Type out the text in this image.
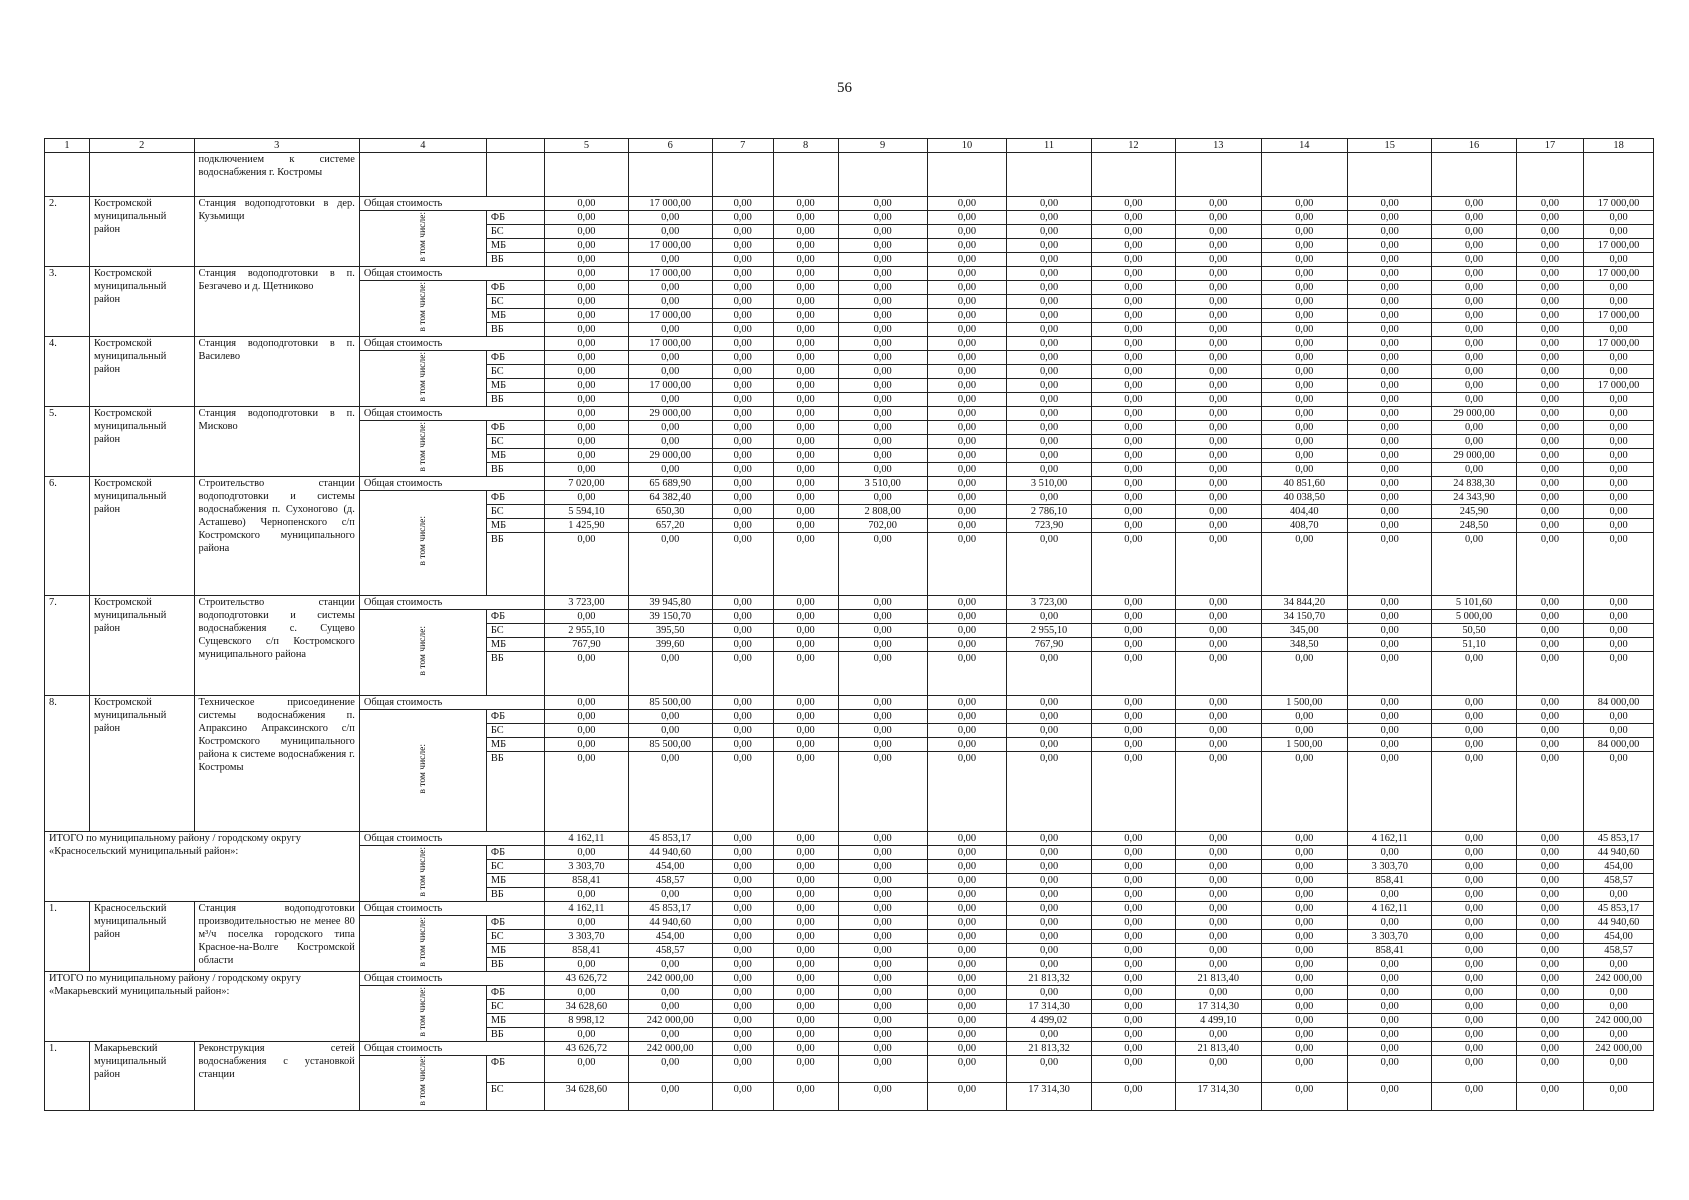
56
1	2	3	4		5	6	7	8	9	10	11	12	13	14	15	16	17	18
		подключением к системе водоснабжения г. Костромы																
2.	Костромской муниципальный район	Станция водоподготовки в дер. Кузьмищи	Общая стоимость		0,00	17 000,00	0,00	0,00	0,00	0,00	0,00	0,00	0,00	0,00	0,00	0,00	0,00	17 000,00
			в том числе:	ФБ	0,00	0,00	0,00	0,00	0,00	0,00	0,00	0,00	0,00	0,00	0,00	0,00	0,00	0,00
				БС	0,00	0,00	0,00	0,00	0,00	0,00	0,00	0,00	0,00	0,00	0,00	0,00	0,00	0,00
				МБ	0,00	17 000,00	0,00	0,00	0,00	0,00	0,00	0,00	0,00	0,00	0,00	0,00	0,00	17 000,00
				ВБ	0,00	0,00	0,00	0,00	0,00	0,00	0,00	0,00	0,00	0,00	0,00	0,00	0,00	0,00
3.	Костромской муниципальный район	Станция водоподготовки в п. Безгачево и д. Щетниково	Общая стоимость		0,00	17 000,00	0,00	0,00	0,00	0,00	0,00	0,00	0,00	0,00	0,00	0,00	0,00	17 000,00
			в том числе:	ФБ	0,00	0,00	0,00	0,00	0,00	0,00	0,00	0,00	0,00	0,00	0,00	0,00	0,00	0,00
				БС	0,00	0,00	0,00	0,00	0,00	0,00	0,00	0,00	0,00	0,00	0,00	0,00	0,00	0,00
				МБ	0,00	17 000,00	0,00	0,00	0,00	0,00	0,00	0,00	0,00	0,00	0,00	0,00	0,00	17 000,00
				ВБ	0,00	0,00	0,00	0,00	0,00	0,00	0,00	0,00	0,00	0,00	0,00	0,00	0,00	0,00
4.	Костромской муниципальный район	Станция водоподготовки в п. Василево	Общая стоимость		0,00	17 000,00	0,00	0,00	0,00	0,00	0,00	0,00	0,00	0,00	0,00	0,00	0,00	17 000,00
			в том числе:	ФБ	0,00	0,00	0,00	0,00	0,00	0,00	0,00	0,00	0,00	0,00	0,00	0,00	0,00	0,00
				БС	0,00	0,00	0,00	0,00	0,00	0,00	0,00	0,00	0,00	0,00	0,00	0,00	0,00	0,00
				МБ	0,00	17 000,00	0,00	0,00	0,00	0,00	0,00	0,00	0,00	0,00	0,00	0,00	0,00	17 000,00
				ВБ	0,00	0,00	0,00	0,00	0,00	0,00	0,00	0,00	0,00	0,00	0,00	0,00	0,00	0,00
5.	Костромской муниципальный район	Станция водоподготовки в п. Мисково	Общая стоимость		0,00	29 000,00	0,00	0,00	0,00	0,00	0,00	0,00	0,00	0,00	0,00	29 000,00	0,00	0,00
			в том числе:	ФБ	0,00	0,00	0,00	0,00	0,00	0,00	0,00	0,00	0,00	0,00	0,00	0,00	0,00	0,00
				БС	0,00	0,00	0,00	0,00	0,00	0,00	0,00	0,00	0,00	0,00	0,00	0,00	0,00	0,00
				МБ	0,00	29 000,00	0,00	0,00	0,00	0,00	0,00	0,00	0,00	0,00	0,00	29 000,00	0,00	0,00
				ВБ	0,00	0,00	0,00	0,00	0,00	0,00	0,00	0,00	0,00	0,00	0,00	0,00	0,00	0,00
6.	Костромской муниципальный район	Строительство станции водоподготовки и системы водоснабжения п. Сухоногово (д. Асташево) Чернопенского с/п Костромского муниципального района	Общая стоимость		7 020,00	65 689,90	0,00	0,00	3 510,00	0,00	3 510,00	0,00	0,00	40 851,60	0,00	24 838,30	0,00	0,00
			в том числе:	ФБ	0,00	64 382,40	0,00	0,00	0,00	0,00	0,00	0,00	0,00	40 038,50	0,00	24 343,90	0,00	0,00
				БС	5 594,10	650,30	0,00	0,00	2 808,00	0,00	2 786,10	0,00	0,00	404,40	0,00	245,90	0,00	0,00
				МБ	1 425,90	657,20	0,00	0,00	702,00	0,00	723,90	0,00	0,00	408,70	0,00	248,50	0,00	0,00
				ВБ	0,00	0,00	0,00	0,00	0,00	0,00	0,00	0,00	0,00	0,00	0,00	0,00	0,00	0,00
7.	Костромской муниципальный район	Строительство станции водоподготовки и системы водоснабжения с. Сущево Сущевского с/п Костромского муниципального района	Общая стоимость		3 723,00	39 945,80	0,00	0,00	0,00	0,00	3 723,00	0,00	0,00	34 844,20	0,00	5 101,60	0,00	0,00
			в том числе:	ФБ	0,00	39 150,70	0,00	0,00	0,00	0,00	0,00	0,00	0,00	34 150,70	0,00	5 000,00	0,00	0,00
				БС	2 955,10	395,50	0,00	0,00	0,00	0,00	2 955,10	0,00	0,00	345,00	0,00	50,50	0,00	0,00
				МБ	767,90	399,60	0,00	0,00	0,00	0,00	767,90	0,00	0,00	348,50	0,00	51,10	0,00	0,00
				ВБ	0,00	0,00	0,00	0,00	0,00	0,00	0,00	0,00	0,00	0,00	0,00	0,00	0,00	0,00
8.	Костромской муниципальный район	Техническое присоединение системы водоснабжения п. Апраксино Апраксинского с/п Костромского муниципального района к системе водоснабжения г. Костромы	Общая стоимость		0,00	85 500,00	0,00	0,00	0,00	0,00	0,00	0,00	0,00	1 500,00	0,00	0,00	0,00	84 000,00
			в том числе:	ФБ	0,00	0,00	0,00	0,00	0,00	0,00	0,00	0,00	0,00	0,00	0,00	0,00	0,00	0,00
				БС	0,00	0,00	0,00	0,00	0,00	0,00	0,00	0,00	0,00	0,00	0,00	0,00	0,00	0,00
				МБ	0,00	85 500,00	0,00	0,00	0,00	0,00	0,00	0,00	0,00	1 500,00	0,00	0,00	0,00	84 000,00
				ВБ	0,00	0,00	0,00	0,00	0,00	0,00	0,00	0,00	0,00	0,00	0,00	0,00	0,00	0,00
ИТОГО по муниципальному району / городскому округу «Красносельский муниципальный район»:			Общая стоимость		4 162,11	45 853,17	0,00	0,00	0,00	0,00	0,00	0,00	0,00	0,00	4 162,11	0,00	0,00	45 853,17
			в том числе:	ФБ	0,00	44 940,60	0,00	0,00	0,00	0,00	0,00	0,00	0,00	0,00	0,00	0,00	0,00	44 940,60
				БС	3 303,70	454,00	0,00	0,00	0,00	0,00	0,00	0,00	0,00	0,00	3 303,70	0,00	0,00	454,00
				МБ	858,41	458,57	0,00	0,00	0,00	0,00	0,00	0,00	0,00	0,00	858,41	0,00	0,00	458,57
				ВБ	0,00	0,00	0,00	0,00	0,00	0,00	0,00	0,00	0,00	0,00	0,00	0,00	0,00	0,00
1.	Красносельский муниципальный район	Станция водоподготовки производительностью не менее 80 м³/ч поселка городского типа Красное-на-Волге Костромской области	Общая стоимость		4 162,11	45 853,17	0,00	0,00	0,00	0,00	0,00	0,00	0,00	0,00	4 162,11	0,00	0,00	45 853,17
			в том числе:	ФБ	0,00	44 940,60	0,00	0,00	0,00	0,00	0,00	0,00	0,00	0,00	0,00	0,00	0,00	44 940,60
				БС	3 303,70	454,00	0,00	0,00	0,00	0,00	0,00	0,00	0,00	0,00	3 303,70	0,00	0,00	454,00
				МБ	858,41	458,57	0,00	0,00	0,00	0,00	0,00	0,00	0,00	0,00	858,41	0,00	0,00	458,57
				ВБ	0,00	0,00	0,00	0,00	0,00	0,00	0,00	0,00	0,00	0,00	0,00	0,00	0,00	0,00
ИТОГО по муниципальному району / городскому округу «Макарьевский муниципальный район»:			Общая стоимость		43 626,72	242 000,00	0,00	0,00	0,00	0,00	21 813,32	0,00	21 813,40	0,00	0,00	0,00	0,00	242 000,00
			в том числе:	ФБ	0,00	0,00	0,00	0,00	0,00	0,00	0,00	0,00	0,00	0,00	0,00	0,00	0,00	0,00
				БС	34 628,60	0,00	0,00	0,00	0,00	0,00	17 314,30	0,00	17 314,30	0,00	0,00	0,00	0,00	0,00
				МБ	8 998,12	242 000,00	0,00	0,00	0,00	0,00	4 499,02	0,00	4 499,10	0,00	0,00	0,00	0,00	242 000,00
				ВБ	0,00	0,00	0,00	0,00	0,00	0,00	0,00	0,00	0,00	0,00	0,00	0,00	0,00	0,00
1.	Макарьевский муниципальный район	Реконструкция сетей водоснабжения с установкой станции	Общая стоимость		43 626,72	242 000,00	0,00	0,00	0,00	0,00	21 813,32	0,00	21 813,40	0,00	0,00	0,00	0,00	242 000,00
			в том числе:	ФБ	0,00	0,00	0,00	0,00	0,00	0,00	0,00	0,00	0,00	0,00	0,00	0,00	0,00	0,00
				БС	34 628,60	0,00	0,00	0,00	0,00	0,00	17 314,30	0,00	17 314,30	0,00	0,00	0,00	0,00	0,00
